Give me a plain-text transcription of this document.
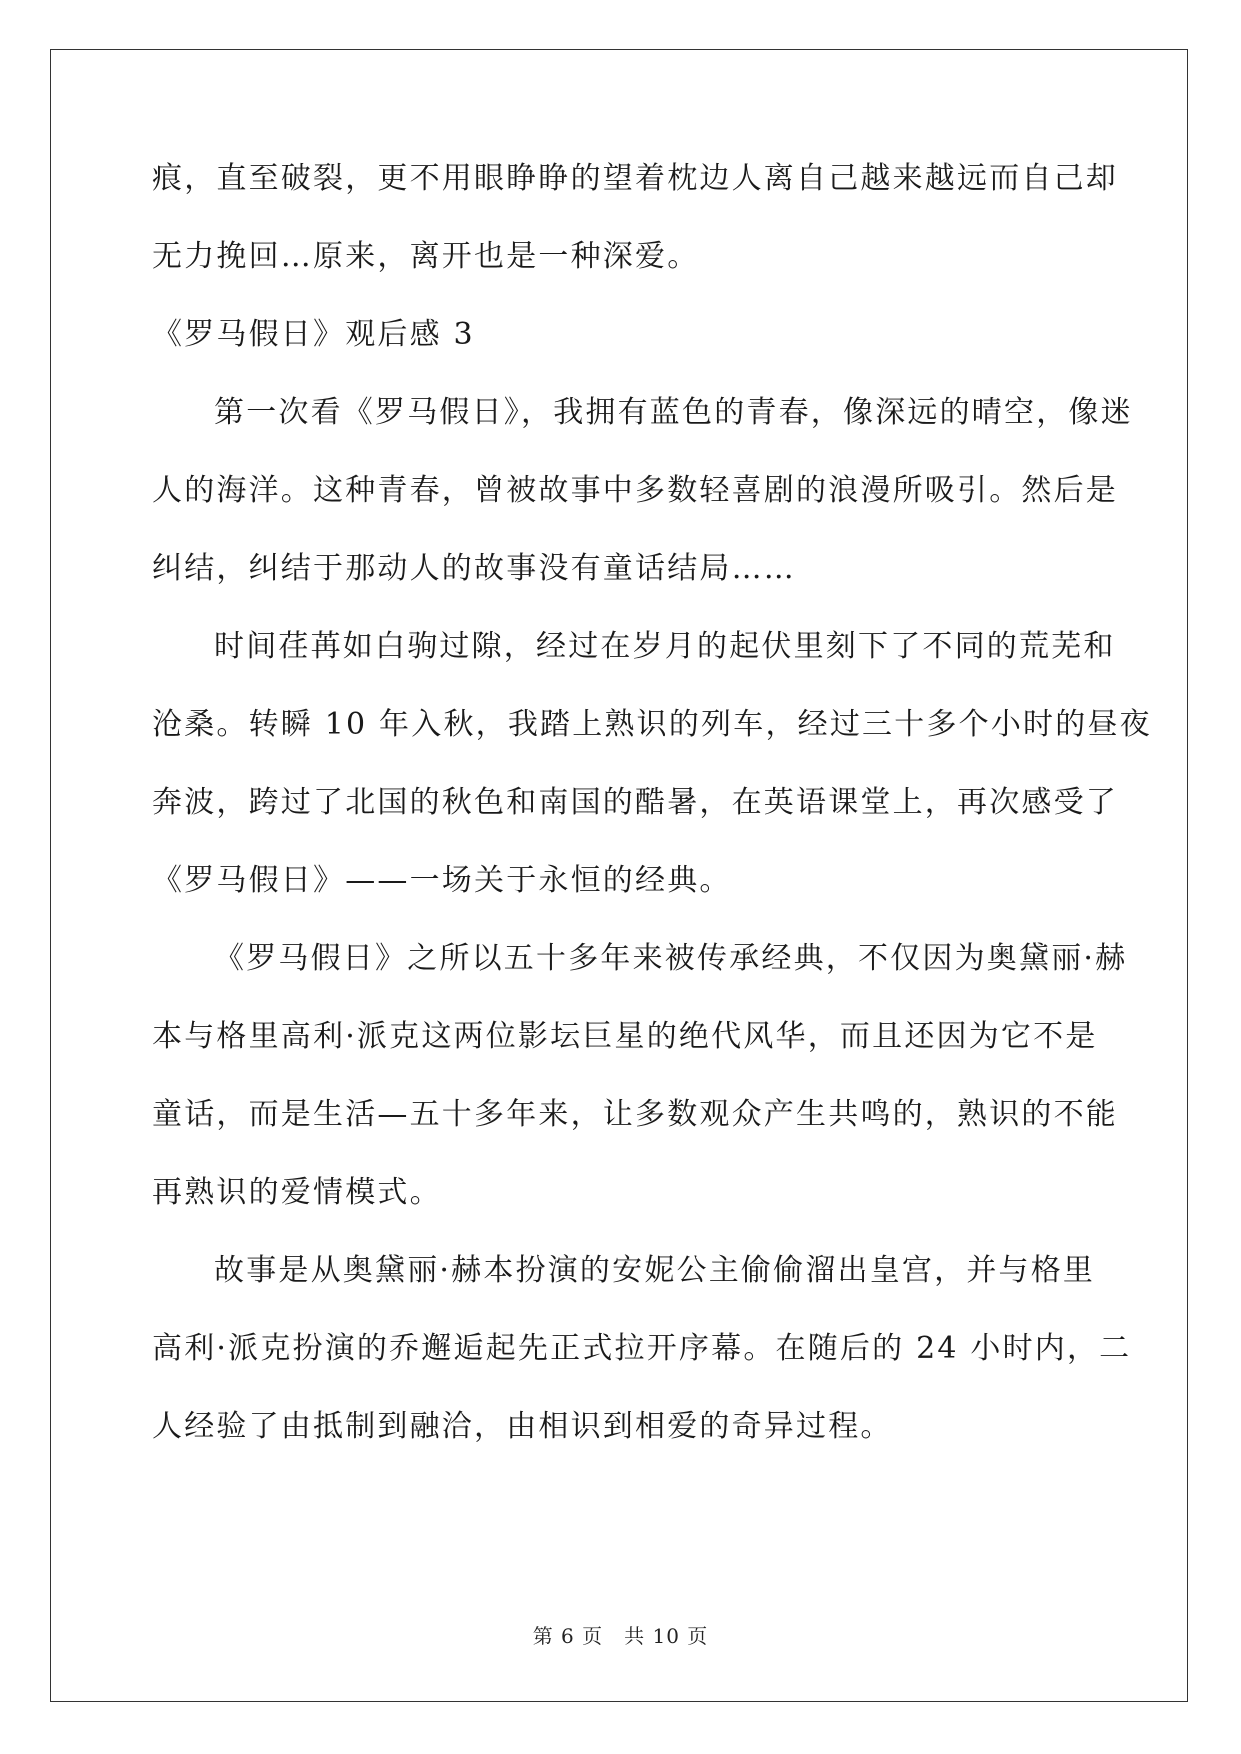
痕，直至破裂，更不用眼睁睁的望着枕边人离自己越来越远而自己却

无力挽回…原来，离开也是一种深爱。

《罗马假日》观后感 3

第一次看《罗马假日》，我拥有蓝色的青春，像深远的晴空，像迷

人的海洋。这种青春，曾被故事中多数轻喜剧的浪漫所吸引。然后是

纠结，纠结于那动人的故事没有童话结局……

时间荏苒如白驹过隙，经过在岁月的起伏里刻下了不同的荒芜和

沧桑。转瞬 10 年入秋，我踏上熟识的列车，经过三十多个小时的昼夜

奔波，跨过了北国的秋色和南国的酷暑，在英语课堂上，再次感受了

《罗马假日》——一场关于永恒的经典。

《罗马假日》之所以五十多年来被传承经典，不仅因为奥黛丽·赫

本与格里高利·派克这两位影坛巨星的绝代风华，而且还因为它不是

童话，而是生活—五十多年来，让多数观众产生共鸣的，熟识的不能

再熟识的爱情模式。

故事是从奥黛丽·赫本扮演的安妮公主偷偷溜出皇宫，并与格里

高利·派克扮演的乔邂逅起先正式拉开序幕。在随后的 24 小时内，二

人经验了由抵制到融洽，由相识到相爱的奇异过程。

第 6 页　共 10 页
